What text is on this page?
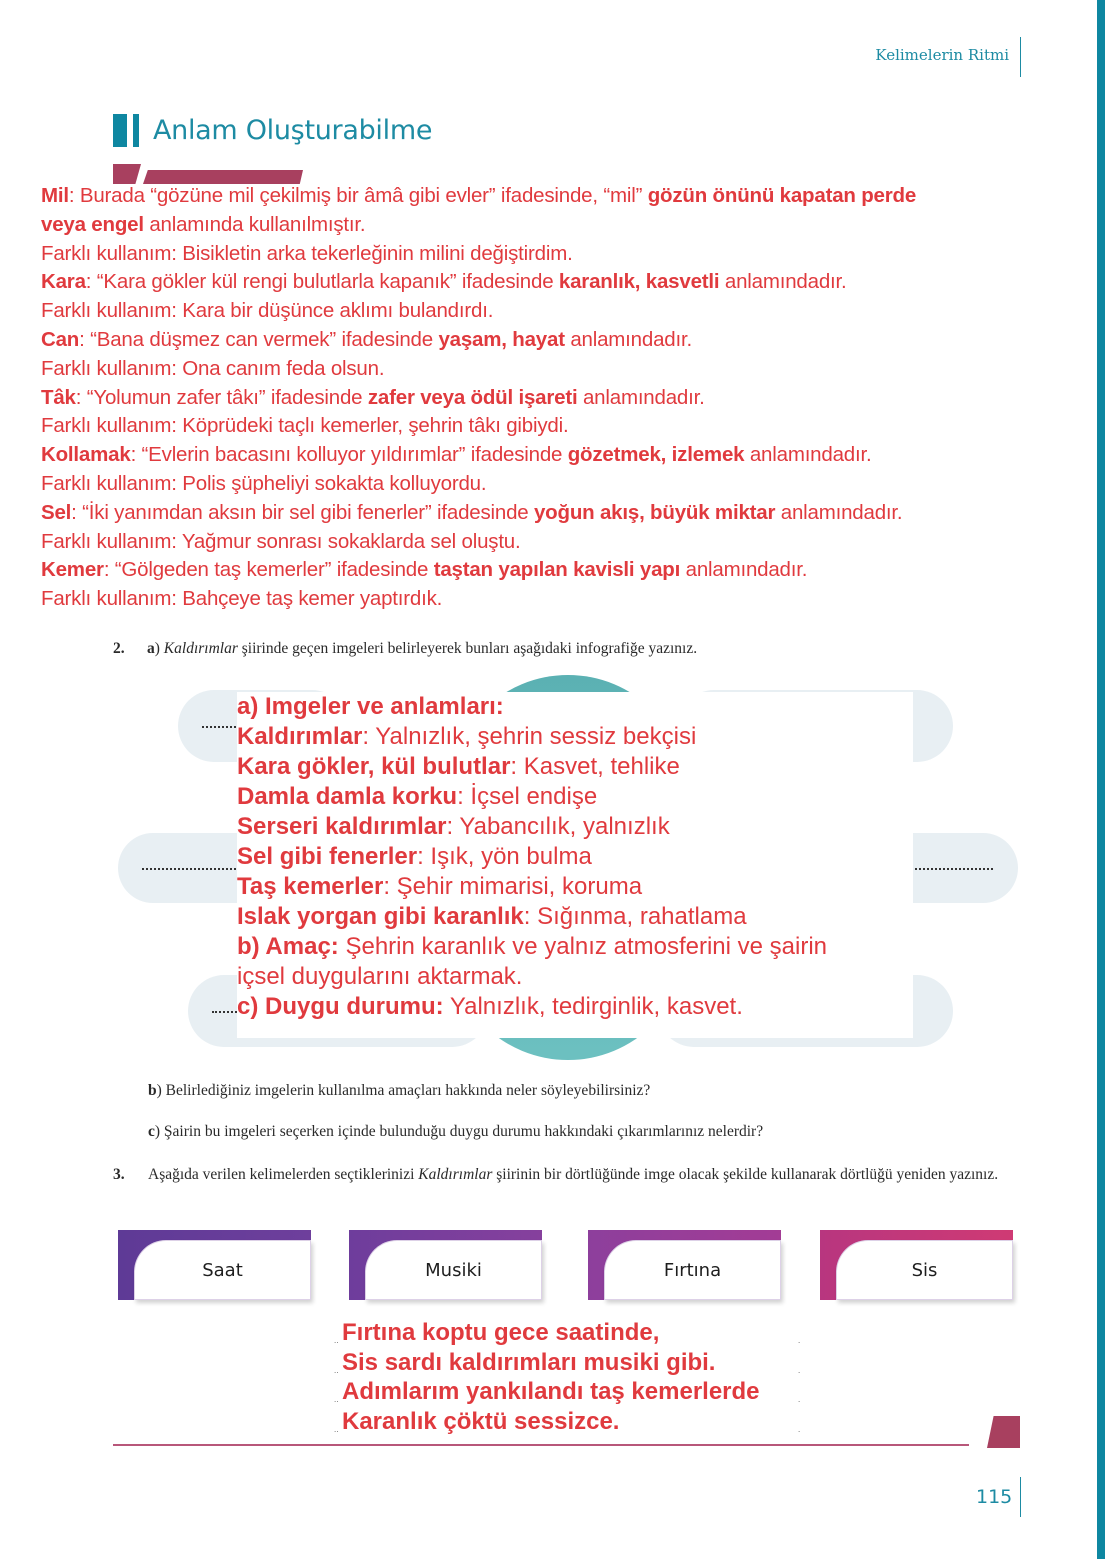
Kelimelerin Ritmi
Anlam Oluşturabilme
Mil: Burada “gözüne mil çekilmiş bir âmâ gibi evler” ifadesinde, “mil” gözün önünü kapatan perde
veya engel anlamında kullanılmıştır.
Farklı kullanım: Bisikletin arka tekerleğinin milini değiştirdim.
Kara: “Kara gökler kül rengi bulutlarla kapanık” ifadesinde karanlık, kasvetli anlamındadır.
Farklı kullanım: Kara bir düşünce aklımı bulandırdı.
Can: “Bana düşmez can vermek” ifadesinde yaşam, hayat anlamındadır.
Farklı kullanım: Ona canım feda olsun.
Tâk: “Yolumun zafer tâkı” ifadesinde zafer veya ödül işareti anlamındadır.
Farklı kullanım: Köprüdeki taçlı kemerler, şehrin tâkı gibiydi.
Kollamak: “Evlerin bacasını kolluyor yıldırımlar” ifadesinde gözetmek, izlemek anlamındadır.
Farklı kullanım: Polis şüpheliyi sokakta kolluyordu.
Sel: “İki yanımdan aksın bir sel gibi fenerler” ifadesinde yoğun akış, büyük miktar anlamındadır.
Farklı kullanım: Yağmur sonrası sokaklarda sel oluştu.
Kemer: “Gölgeden taş kemerler” ifadesinde taştan yapılan kavisli yapı anlamındadır.
Farklı kullanım: Bahçeye taş kemer yaptırdık.
2. a) Kaldırımlar şiirinde geçen imgeleri belirleyerek bunları aşağıdaki infografiğe yazınız.
a) Imgeler ve anlamları:
Kaldırımlar: Yalnızlık, şehrin sessiz bekçisi
Kara gökler, kül bulutlar: Kasvet, tehlike
Damla damla korku: İçsel endişe
Serseri kaldırımlar: Yabancılık, yalnızlık
Sel gibi fenerler: Işık, yön bulma
Taş kemerler: Şehir mimarisi, koruma
Islak yorgan gibi karanlık: Sığınma, rahatlama
b) Amaç: Şehrin karanlık ve yalnız atmosferini ve şairin
içsel duygularını aktarmak.
c) Duygu durumu: Yalnızlık, tedirginlik, kasvet.
b) Belirlediğiniz imgelerin kullanılma amaçları hakkında neler söyleyebilirsiniz?
c) Şairin bu imgeleri seçerken içinde bulunduğu duygu durumu hakkındaki çıkarımlarınız nelerdir?
3. Aşağıda verilen kelimelerden seçtiklerinizi Kaldırımlar şiirinin bir dörtlüğünde imge olacak şekilde kullanarak dörtlüğü yeniden yazınız.
Saat	Musiki	Fırtına	Sis
.. Fırtına koptu gece saatinde, .
.. Sis sardı kaldırımları musiki gibi. .
.. Adımlarım yankılandı taş kemerlerde .
.. Karanlık çöktü sessizce. .
115
